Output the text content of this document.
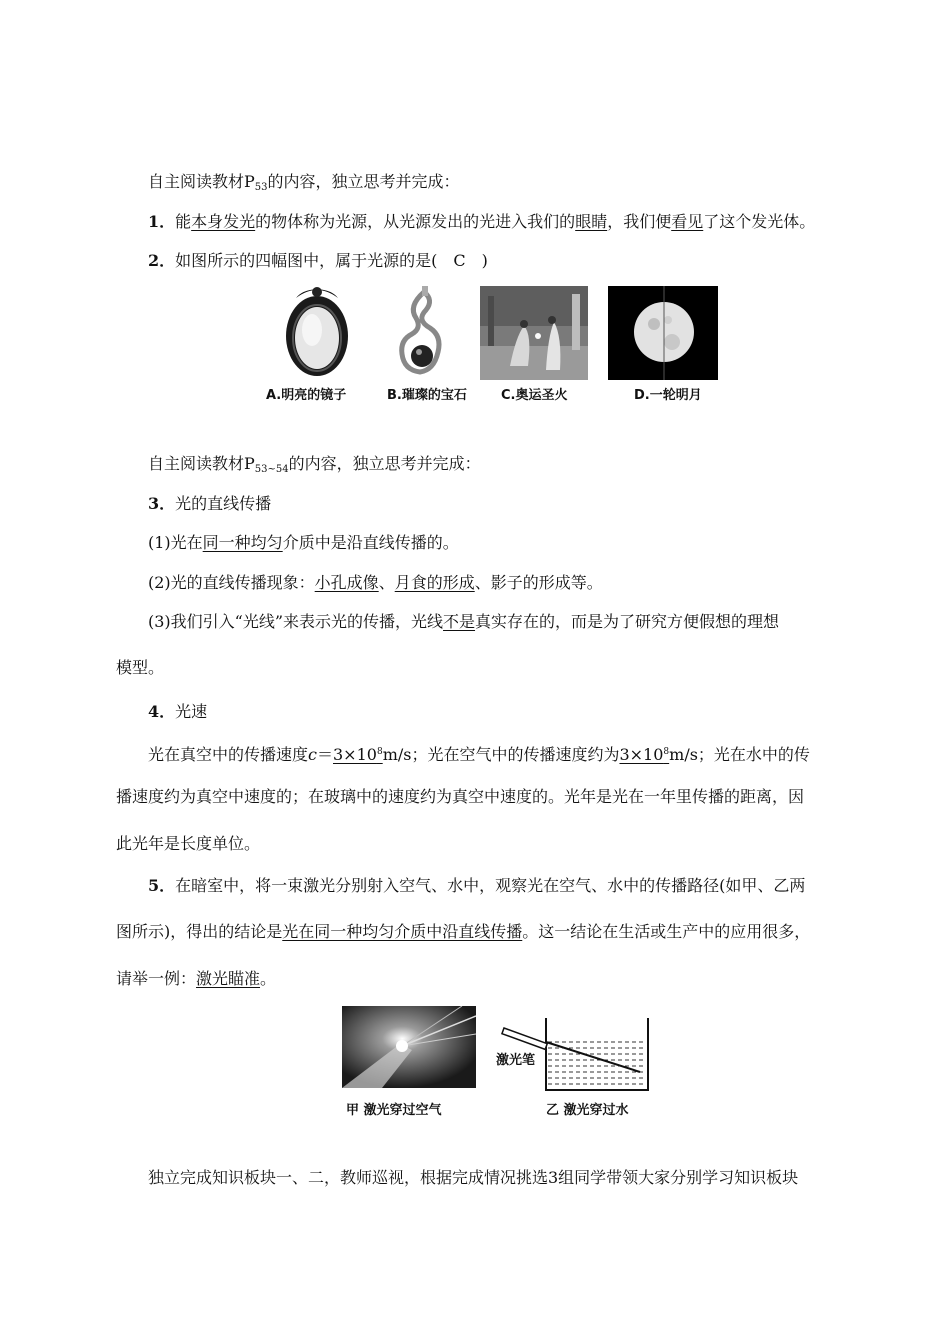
自主阅读教材$P_{53}$的内容，独立思考并完成：
1．能本身发光的物体称为光源，从光源发出的光进入我们的眼睛，我们便看见了这个发光体。
2．如图所示的四幅图中，属于光源的是(　C　)
A.明亮的镜子	B.璀璨的宝石	C.奥运圣火	D.一轮明月
自主阅读教材$P_{53\sim 54}$的内容，独立思考并完成：
3．光的直线传播
(1)光在同一种均匀介质中是沿直线传播的。
(2)光的直线传播现象：小孔成像、月食的形成、影子的形成等。
(3)我们引入“光线”来表示光的传播，光线不是真实存在的，而是为了研究方便假想的理想
模型。
4．光速
光在真空中的传播速度$c=3\times 10^8m/s$；光在空气中的传播速度约为$3\times 10^8m/s$；光在水中的传
播速度约为真空中速度的；在玻璃中的速度约为真空中速度的。光年是光在一年里传播的距离，因
此光年是长度单位。
5．在暗室中，将一束激光分别射入空气、水中，观察光在空气、水中的传播路径(如甲、乙两
图所示)，得出的结论是光在同一种均匀介质中沿直线传播。这一结论在生活或生产中的应用很多，
请举一例：激光瞄准。
激光笔
甲 激光穿过空气	乙 激光穿过水
独立完成知识板块一、二，教师巡视，根据完成情况挑选3组同学带领大家分别学习知识板块
